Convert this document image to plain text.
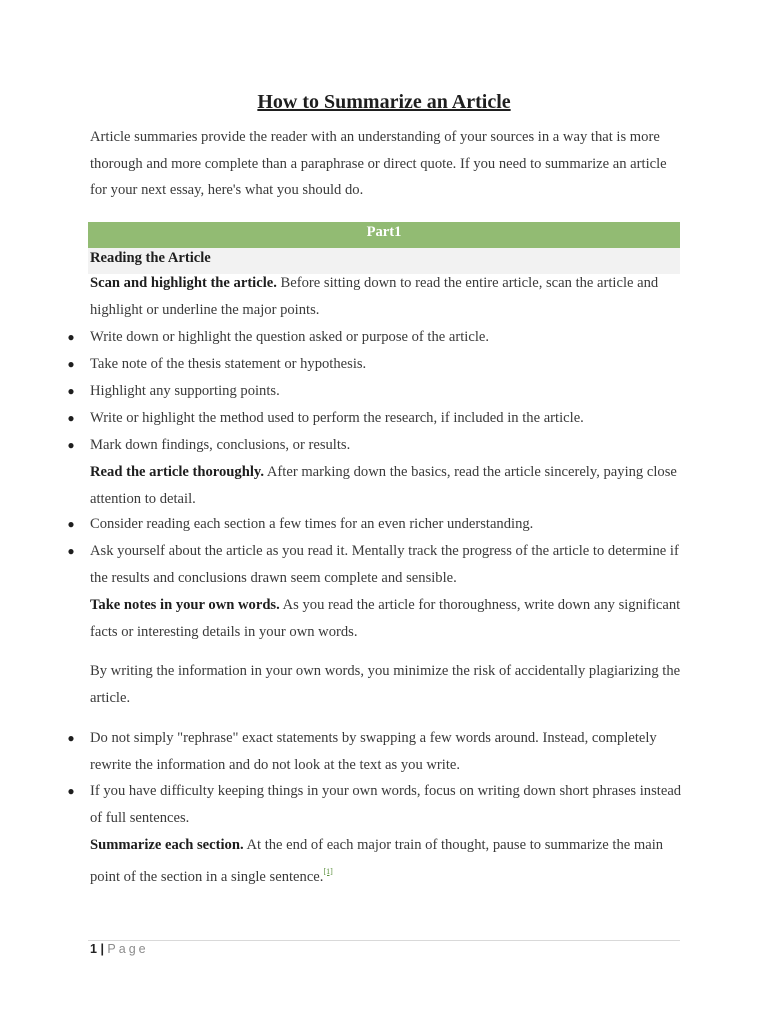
How to Summarize an Article
Article summaries provide the reader with an understanding of your sources in a way that is more thorough and more complete than a paraphrase or direct quote. If you need to summarize an article for your next essay, here's what you should do.
Part1
Reading the Article
Scan and highlight the article. Before sitting down to read the entire article, scan the article and highlight or underline the major points.
● Write down or highlight the question asked or purpose of the article.
● Take note of the thesis statement or hypothesis.
● Highlight any supporting points.
● Write or highlight the method used to perform the research, if included in the article.
● Mark down findings, conclusions, or results.
Read the article thoroughly. After marking down the basics, read the article sincerely, paying close attention to detail.
● Consider reading each section a few times for an even richer understanding.
● Ask yourself about the article as you read it. Mentally track the progress of the article to determine if the results and conclusions drawn seem complete and sensible.
Take notes in your own words. As you read the article for thoroughness, write down any significant facts or interesting details in your own words.
By writing the information in your own words, you minimize the risk of accidentally plagiarizing the article.
● Do not simply "rephrase" exact statements by swapping a few words around. Instead, completely rewrite the information and do not look at the text as you write.
● If you have difficulty keeping things in your own words, focus on writing down short phrases instead of full sentences.
Summarize each section. At the end of each major train of thought, pause to summarize the main point of the section in a single sentence.[1]
1 | Page
